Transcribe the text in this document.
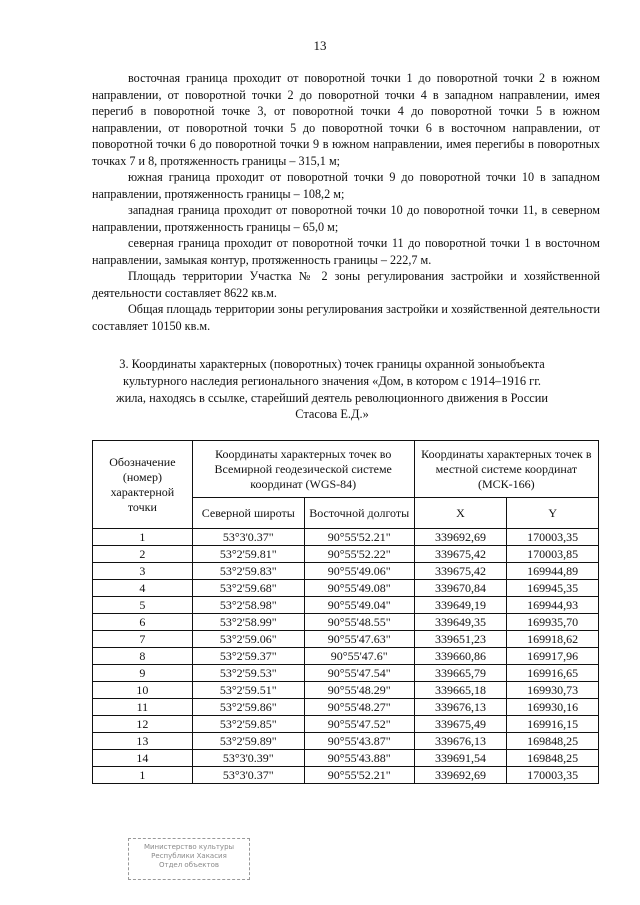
13

восточная граница проходит от поворотной точки 1 до поворотной точки 2 в южном направлении, от поворотной точки 2 до поворотной точки 4 в западном направлении, имея перегиб в поворотной точке 3, от поворотной точки 4 до поворотной точки 5 в южном направлении, от поворотной точки 5 до поворотной точки 6 в восточном направлении, от поворотной точки 6 до поворотной точки 9 в южном направлении, имея перегибы в поворотных точках 7 и 8, протяженность границы – 315,1 м;

южная граница проходит от поворотной точки 9 до поворотной точки 10 в западном направлении, протяженность границы – 108,2 м;

западная граница проходит от поворотной точки 10 до поворотной точки 11, в северном направлении, протяженность границы – 65,0 м;

северная граница проходит от поворотной точки 11 до поворотной точки 1 в восточном направлении, замыкая контур, протяженность границы – 222,7 м.

Площадь территории Участка № 2 зоны регулирования застройки и хозяйственной деятельности составляет 8622 кв.м.

Общая площадь территории зоны регулирования застройки и хозяйственной деятельности составляет 10150 кв.м.

3. Координаты характерных (поворотных) точек границы охранной зоныобъекта

культурного наследия регионального значения «Дом, в котором с 1914–1916 гг.

жила, находясь в ссылке, старейший деятель революционного движения в России

Стасова Е.Д.»

Обозначение (номер) характерной точки	Координаты характерных точек во Всемирной геодезической системе координат (WGS-84)		Координаты характерных точек в местной системе координат (МСК-166)	
	Северной широты	Восточной долготы	X	Y
1	53°3'0.37"	90°55'52.21"	339692,69	170003,35
2	53°2'59.81"	90°55'52.22"	339675,42	170003,85
3	53°2'59.83"	90°55'49.06"	339675,42	169944,89
4	53°2'59.68"	90°55'49.08"	339670,84	169945,35
5	53°2'58.98"	90°55'49.04"	339649,19	169944,93
6	53°2'58.99"	90°55'48.55"	339649,35	169935,70
7	53°2'59.06"	90°55'47.63"	339651,23	169918,62
8	53°2'59.37"	90°55'47.6"	339660,86	169917,96
9	53°2'59.53"	90°55'47.54"	339665,79	169916,65
10	53°2'59.51"	90°55'48.29"	339665,18	169930,73
11	53°2'59.86"	90°55'48.27"	339676,13	169930,16
12	53°2'59.85"	90°55'47.52"	339675,49	169916,15
13	53°2'59.89"	90°55'43.87"	339676,13	169848,25
14	53°3'0.39"	90°55'43.88"	339691,54	169848,25
1	53°3'0.37"	90°55'52.21"	339692,69	170003,35
Министерство культуры
Республики Хакасия
Отдел объектов
